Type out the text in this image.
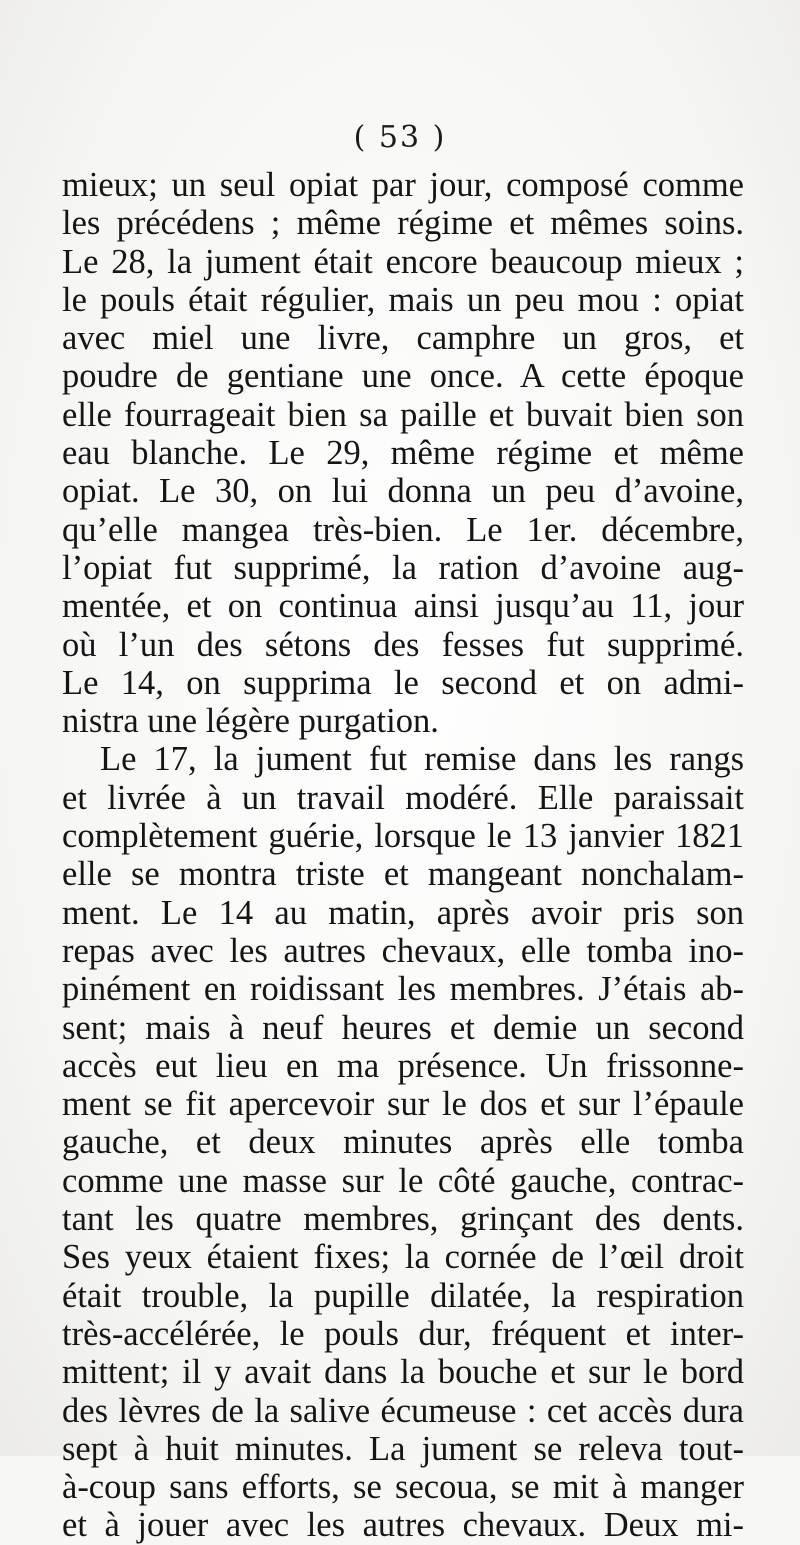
( 53 )
mieux; un seul opiat par jour, composé comme
les précédens ; même régime et mêmes soins.
Le 28, la jument était encore beaucoup mieux ;
le pouls était régulier, mais un peu mou : opiat
avec miel une livre, camphre un gros, et
poudre de gentiane une once. A cette époque
elle fourrageait bien sa paille et buvait bien son
eau blanche. Le 29, même régime et même
opiat. Le 30, on lui donna un peu d’avoine,
qu’elle mangea très-bien. Le 1er. décembre,
l’opiat fut supprimé, la ration d’avoine aug-
mentée, et on continua ainsi jusqu’au 11, jour
où l’un des sétons des fesses fut supprimé.
Le 14, on supprima le second et on admi-
nistra une légère purgation.
Le 17, la jument fut remise dans les rangs
et livrée à un travail modéré. Elle paraissait
complètement guérie, lorsque le 13 janvier 1821
elle se montra triste et mangeant nonchalam-
ment. Le 14 au matin, après avoir pris son
repas avec les autres chevaux, elle tomba ino-
pinément en roidissant les membres. J’étais ab-
sent; mais à neuf heures et demie un second
accès eut lieu en ma présence. Un frissonne-
ment se fit apercevoir sur le dos et sur l’épaule
gauche, et deux minutes après elle tomba
comme une masse sur le côté gauche, contrac-
tant les quatre membres, grinçant des dents.
Ses yeux étaient fixes; la cornée de l’œil droit
était trouble, la pupille dilatée, la respiration
très-accélérée, le pouls dur, fréquent et inter-
mittent; il y avait dans la bouche et sur le bord
des lèvres de la salive écumeuse : cet accès dura
sept à huit minutes. La jument se releva tout-
à-coup sans efforts, se secoua, se mit à manger
et à jouer avec les autres chevaux. Deux mi-
